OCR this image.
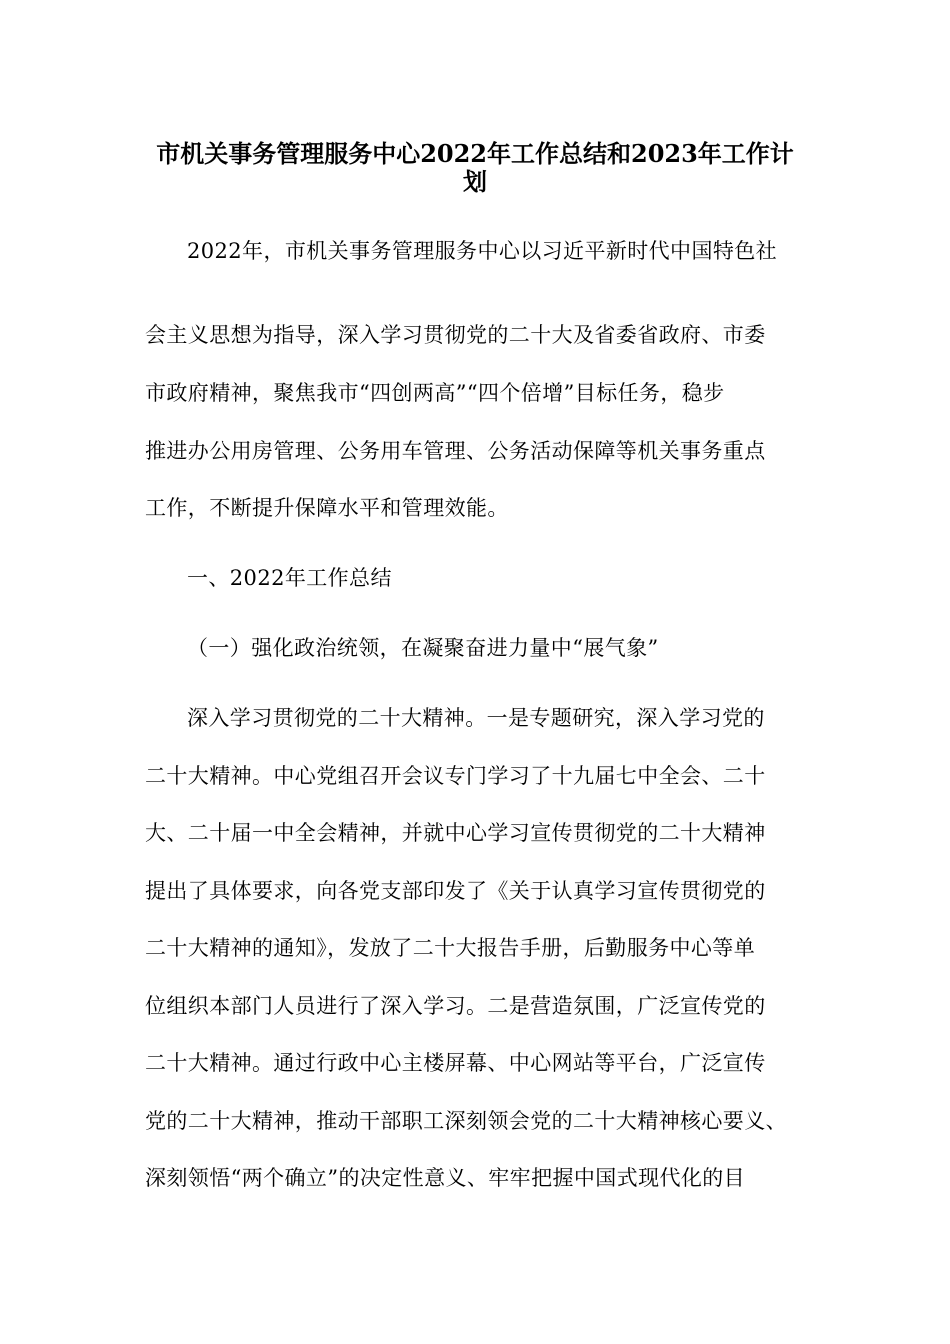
市机关事务管理服务中心2022年工作总结和2023年工作计
划
2022年，市机关事务管理服务中心以习近平新时代中国特色社
会主义思想为指导，深入学习贯彻党的二十大及省委省政府、市委
市政府精神，聚焦我市“四创两高”“四个倍增”目标任务，稳步
推进办公用房管理、公务用车管理、公务活动保障等机关事务重点
工作，不断提升保障水平和管理效能。
一、2022年工作总结
（一）强化政治统领，在凝聚奋进力量中“展气象”
深入学习贯彻党的二十大精神。一是专题研究，深入学习党的
二十大精神。中心党组召开会议专门学习了十九届七中全会、二十
大、二十届一中全会精神，并就中心学习宣传贯彻党的二十大精神
提出了具体要求，向各党支部印发了《关于认真学习宣传贯彻党的
二十大精神的通知》，发放了二十大报告手册，后勤服务中心等单
位组织本部门人员进行了深入学习。二是营造氛围，广泛宣传党的
二十大精神。通过行政中心主楼屏幕、中心网站等平台，广泛宣传
党的二十大精神，推动干部职工深刻领会党的二十大精神核心要义、
深刻领悟“两个确立”的决定性意义、牢牢把握中国式现代化的目
